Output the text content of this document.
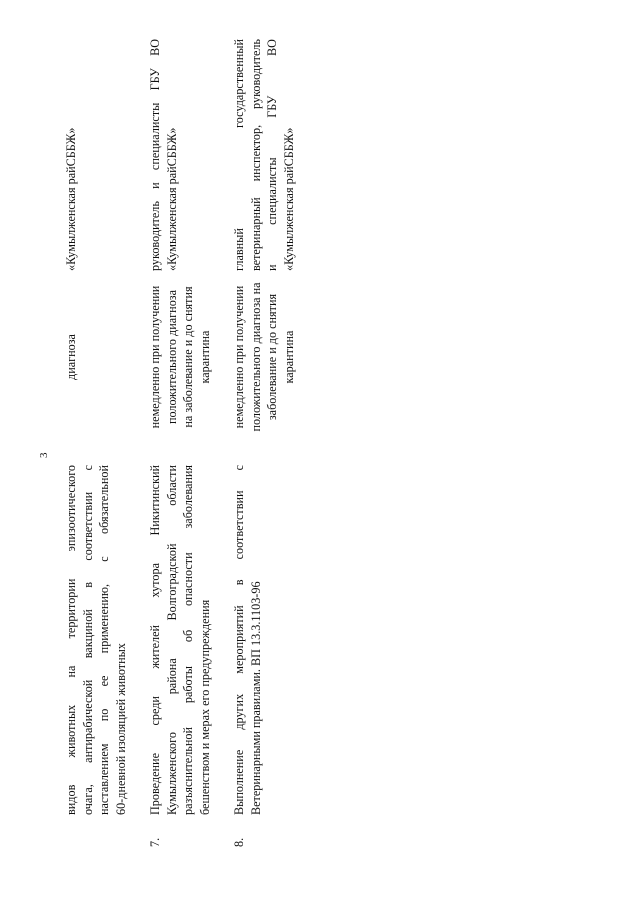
3
видов животных на территории эпизоотического очага, антирабической вакциной в соответствии с наставлением по ее применению, с обязательной 60-дневной изоляцией животных
диагноза
«Кумылженская райСББЖ»
7.
Проведение среди жителей хутора Никитинский Кумылженского района Волгоградской области разъяснительной работы об опасности заболевания бешенством и мерах его предупреждения
немедленно при получении положительного диагноза на заболевание и до снятия карантина
руководитель и специалисты ГБУ ВО «Кумылженская райСББЖ»
8.
Выполнение других мероприятий в соответствии с Ветеринарными правилами. ВП 13.3.1103-96
немедленно при получении положительного диагноза на заболевание и до снятия карантина
главный государственный ветеринарный инспектор, руководитель и специалисты ГБУ ВО «Кумылженская райСББЖ»
